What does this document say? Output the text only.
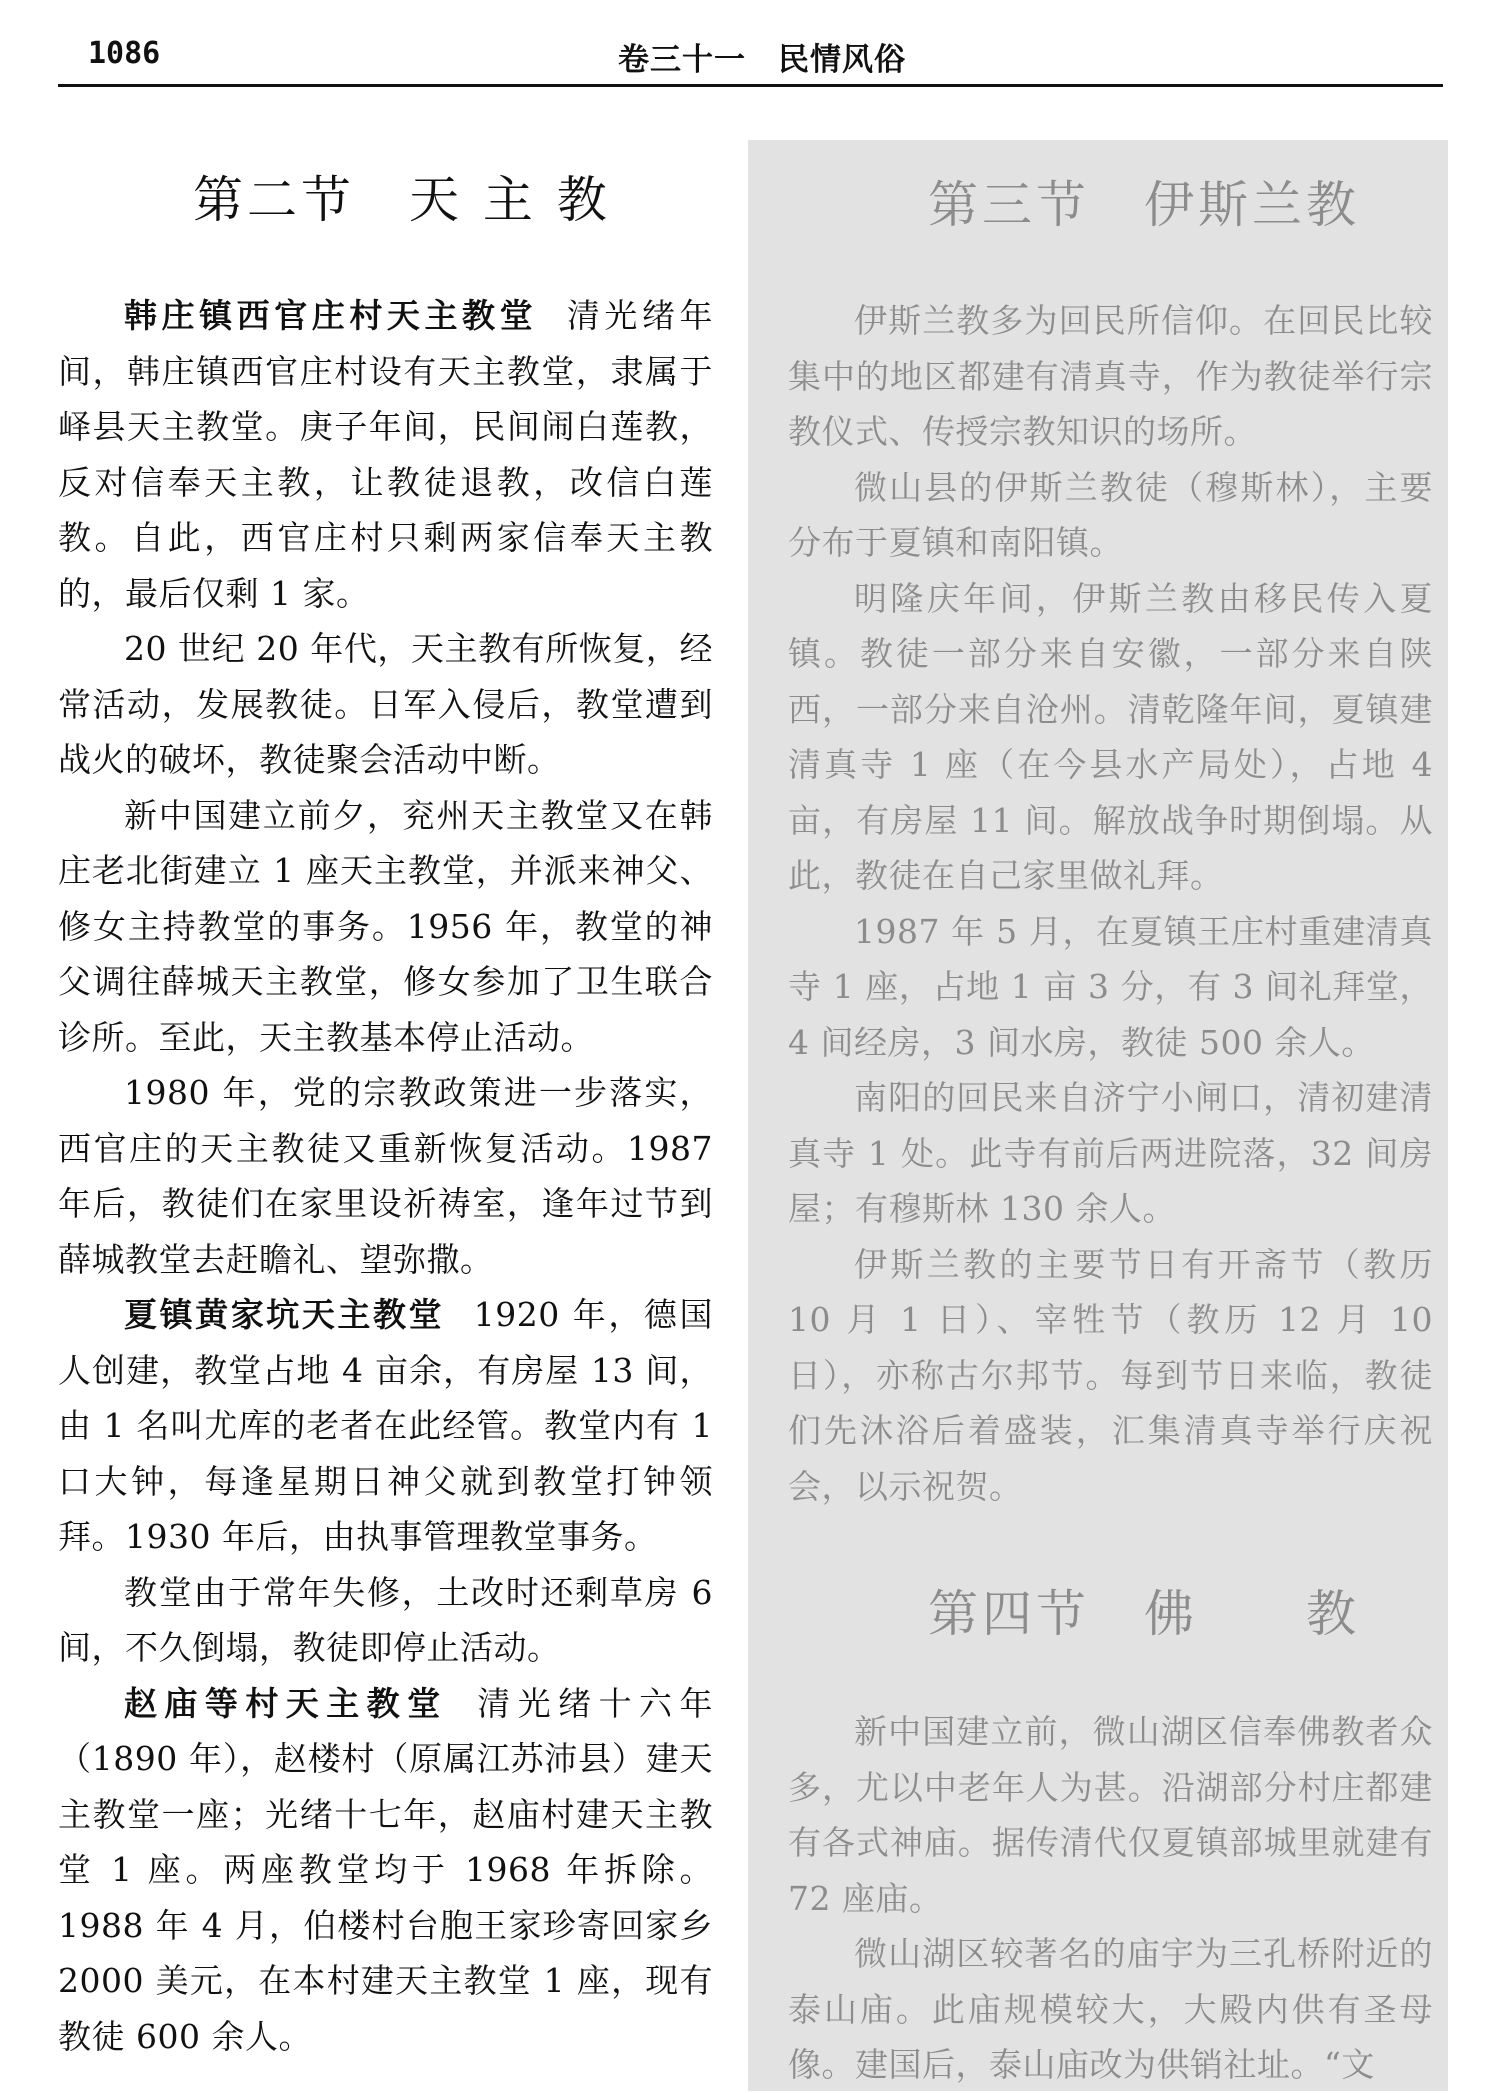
1086	卷三十一　民情风俗
第二节　天 主 教

韩庄镇西官庄村天主教堂 清光绪年间，韩庄镇西官庄村设有天主教堂，隶属于峄县天主教堂。庚子年间，民间闹白莲教，反对信奉天主教，让教徒退教，改信白莲教。自此，西官庄村只剩两家信奉天主教的，最后仅剩 1 家。

20 世纪 20 年代，天主教有所恢复，经常活动，发展教徒。日军入侵后，教堂遭到战火的破坏，教徒聚会活动中断。

新中国建立前夕，兖州天主教堂又在韩庄老北街建立 1 座天主教堂，并派来神父、修女主持教堂的事务。1956 年，教堂的神父调往薛城天主教堂，修女参加了卫生联合诊所。至此，天主教基本停止活动。

1980 年，党的宗教政策进一步落实，西官庄的天主教徒又重新恢复活动。1987 年后，教徒们在家里设祈祷室，逢年过节到薛城教堂去赶瞻礼、望弥撒。

夏镇黄家坑天主教堂 1920 年，德国人创建，教堂占地 4 亩余，有房屋 13 间，由 1 名叫尤库的老者在此经管。教堂内有 1 口大钟，每逢星期日神父就到教堂打钟领拜。1930 年后，由执事管理教堂事务。

教堂由于常年失修，土改时还剩草房 6 间，不久倒塌，教徒即停止活动。

赵庙等村天主教堂 清光绪十六年（1890 年），赵楼村（原属江苏沛县）建天主教堂一座；光绪十七年，赵庙村建天主教堂 1 座。两座教堂均于 1968 年拆除。1988 年 4 月，伯楼村台胞王家珍寄回家乡 2000 美元，在本村建天主教堂 1 座，现有教徒 600 余人。

第三节　伊斯兰教

伊斯兰教多为回民所信仰。在回民比较集中的地区都建有清真寺，作为教徒举行宗教仪式、传授宗教知识的场所。

微山县的伊斯兰教徒（穆斯林），主要分布于夏镇和南阳镇。

明隆庆年间，伊斯兰教由移民传入夏镇。教徒一部分来自安徽，一部分来自陕西，一部分来自沧州。清乾隆年间，夏镇建清真寺 1 座（在今县水产局处），占地 4 亩，有房屋 11 间。解放战争时期倒塌。从此，教徒在自己家里做礼拜。

1987 年 5 月，在夏镇王庄村重建清真寺 1 座，占地 1 亩 3 分，有 3 间礼拜堂，4 间经房，3 间水房，教徒 500 余人。

南阳的回民来自济宁小闸口，清初建清真寺 1 处。此寺有前后两进院落，32 间房屋；有穆斯林 130 余人。

伊斯兰教的主要节日有开斋节（教历 10 月 1 日）、宰牲节（教历 12 月 10 日），亦称古尔邦节。每到节日来临，教徒们先沐浴后着盛装，汇集清真寺举行庆祝会，以示祝贺。

第四节　佛　　教

新中国建立前，微山湖区信奉佛教者众多，尤以中老年人为甚。沿湖部分村庄都建有各式神庙。据传清代仅夏镇部城里就建有 72 座庙。

微山湖区较著名的庙宇为三孔桥附近的泰山庙。此庙规模较大，大殿内供有圣母像。建国后，泰山庙改为供销社址。“文
